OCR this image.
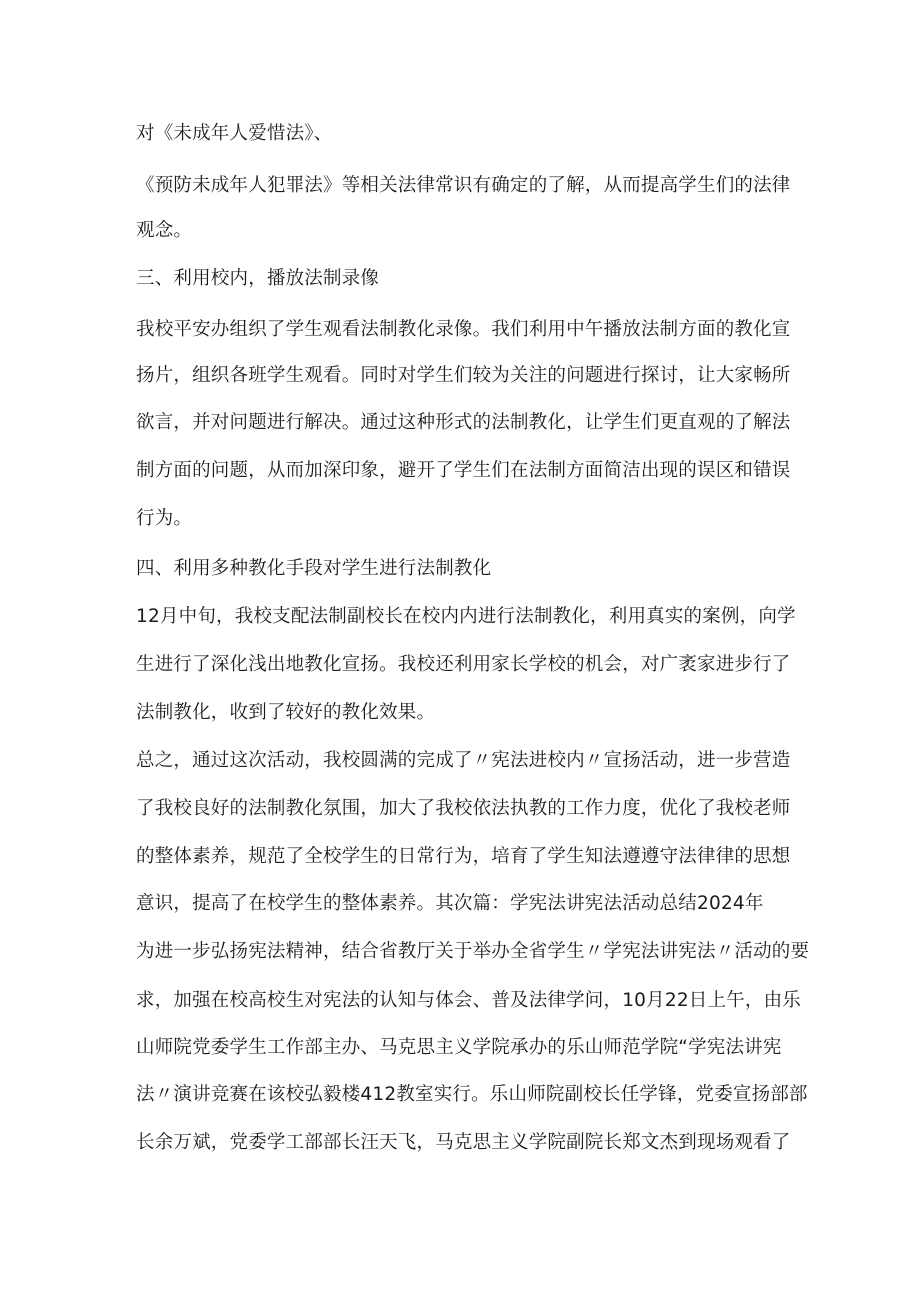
对《未成年人爱惜法》、
《预防未成年人犯罪法》等相关法律常识有确定的了解，从而提高学生们的法律
观念。
三、利用校内，播放法制录像
我校平安办组织了学生观看法制教化录像。我们利用中午播放法制方面的教化宣
扬片，组织各班学生观看。同时对学生们较为关注的问题进行探讨，让大家畅所
欲言，并对问题进行解决。通过这种形式的法制教化，让学生们更直观的了解法
制方面的问题，从而加深印象，避开了学生们在法制方面简洁出现的误区和错误
行为。
四、利用多种教化手段对学生进行法制教化
12月中旬，我校支配法制副校长在校内内进行法制教化，利用真实的案例，向学
生进行了深化浅出地教化宣扬。我校还利用家长学校的机会，对广袤家进步行了
法制教化，收到了较好的教化效果。
总之，通过这次活动，我校圆满的完成了〃宪法进校内〃宣扬活动，进一步营造
了我校良好的法制教化氛围，加大了我校依法执教的工作力度，优化了我校老师
的整体素养，规范了全校学生的日常行为，培育了学生知法遵遵守法律律的思想
意识，提高了在校学生的整体素养。其次篇：学宪法讲宪法活动总结2024年
为进一步弘扬宪法精神，结合省教厅关于举办全省学生〃学宪法讲宪法〃活动的要
求，加强在校高校生对宪法的认知与体会、普及法律学问，10月22日上午，由乐
山师院党委学生工作部主办、马克思主义学院承办的乐山师范学院“学宪法讲宪
法〃演讲竞赛在该校弘毅楼412教室实行。乐山师院副校长任学锋，党委宣扬部部
长余万斌，党委学工部部长汪天飞，马克思主义学院副院长郑文杰到现场观看了
